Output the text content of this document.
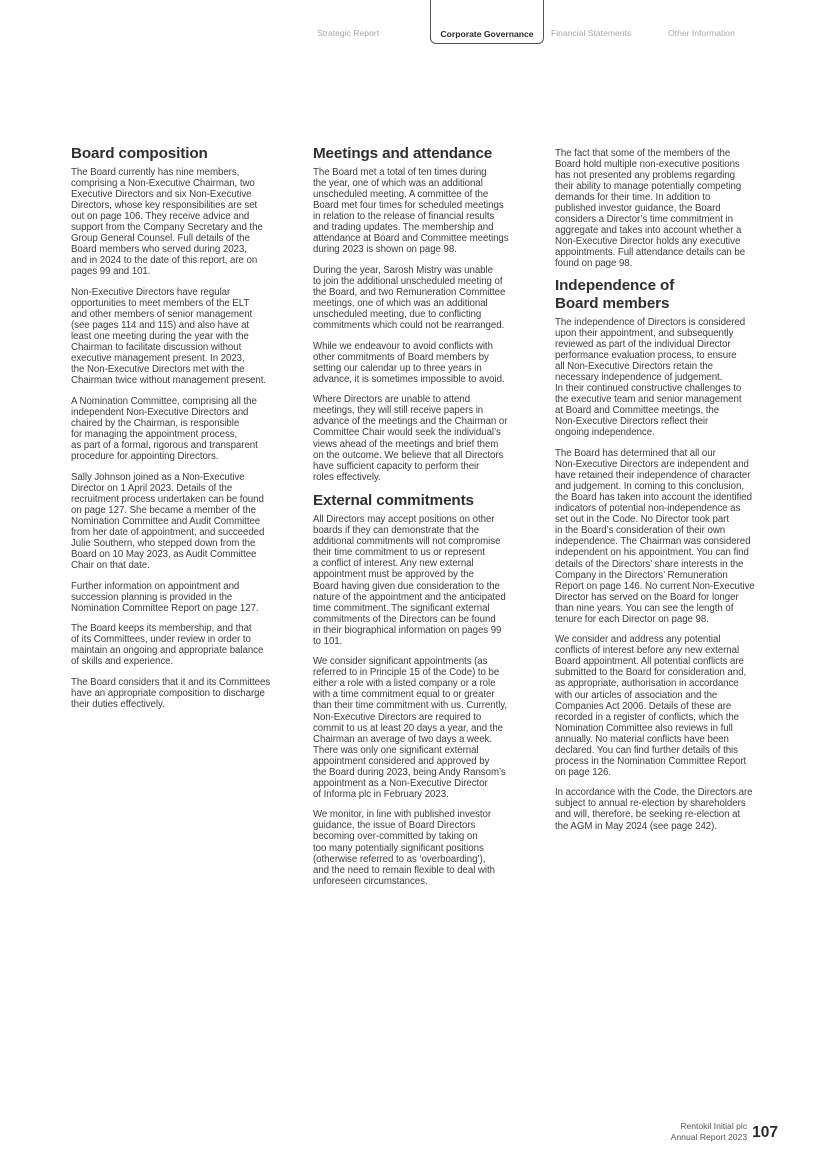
Strategic Report	Corporate Governance	Financial Statements	Other Information
Board composition

The Board currently has nine members,
comprising a Non-Executive Chairman, two
Executive Directors and six Non-Executive
Directors, whose key responsibilities are set
out on page 106. They receive advice and
support from the Company Secretary and the
Group General Counsel. Full details of the
Board members who served during 2023,
and in 2024 to the date of this report, are on
pages 99 and 101.

Non-Executive Directors have regular
opportunities to meet members of the ELT
and other members of senior management
(see pages 114 and 115) and also have at
least one meeting during the year with the
Chairman to facilitate discussion without
executive management present. In 2023,
the Non-Executive Directors met with the
Chairman twice without management present.

A Nomination Committee, comprising all the
independent Non-Executive Directors and
chaired by the Chairman, is responsible
for managing the appointment process,
as part of a formal, rigorous and transparent
procedure for appointing Directors.

Sally Johnson joined as a Non-Executive
Director on 1 April 2023. Details of the
recruitment process undertaken can be found
on page 127. She became a member of the
Nomination Committee and Audit Committee
from her date of appointment, and succeeded
Julie Southern, who stepped down from the
Board on 10 May 2023, as Audit Committee
Chair on that date.

Further information on appointment and
succession planning is provided in the
Nomination Committee Report on page 127.

The Board keeps its membership, and that
of its Committees, under review in order to
maintain an ongoing and appropriate balance
of skills and experience.

The Board considers that it and its Committees
have an appropriate composition to discharge
their duties effectively.

Meetings and attendance

The Board met a total of ten times during
the year, one of which was an additional
unscheduled meeting. A committee of the
Board met four times for scheduled meetings
in relation to the release of financial results
and trading updates. The membership and
attendance at Board and Committee meetings
during 2023 is shown on page 98.

During the year, Sarosh Mistry was unable
to join the additional unscheduled meeting of
the Board, and two Remuneration Committee
meetings, one of which was an additional
unscheduled meeting, due to conflicting
commitments which could not be rearranged.

While we endeavour to avoid conflicts with
other commitments of Board members by
setting our calendar up to three years in
advance, it is sometimes impossible to avoid.

Where Directors are unable to attend
meetings, they will still receive papers in
advance of the meetings and the Chairman or
Committee Chair would seek the individual’s
views ahead of the meetings and brief them
on the outcome. We believe that all Directors
have sufficient capacity to perform their
roles effectively.

External commitments

All Directors may accept positions on other
boards if they can demonstrate that the
additional commitments will not compromise
their time commitment to us or represent
a conflict of interest. Any new external
appointment must be approved by the
Board having given due consideration to the
nature of the appointment and the anticipated
time commitment. The significant external
commitments of the Directors can be found
in their biographical information on pages 99
to 101.

We consider significant appointments (as
referred to in Principle 15 of the Code) to be
either a role with a listed company or a role
with a time commitment equal to or greater
than their time commitment with us. Currently,
Non-Executive Directors are required to
commit to us at least 20 days a year, and the
Chairman an average of two days a week.
There was only one significant external
appointment considered and approved by
the Board during 2023, being Andy Ransom’s
appointment as a Non-Executive Director
of Informa plc in February 2023.

We monitor, in line with published investor
guidance, the issue of Board Directors
becoming over-committed by taking on
too many potentially significant positions
(otherwise referred to as ‘overboarding’),
and the need to remain flexible to deal with
unforeseen circumstances.

The fact that some of the members of the
Board hold multiple non-executive positions
has not presented any problems regarding
their ability to manage potentially competing
demands for their time. In addition to
published investor guidance, the Board
considers a Director’s time commitment in
aggregate and takes into account whether a
Non-Executive Director holds any executive
appointments. Full attendance details can be
found on page 98.

Independence of
Board members

The independence of Directors is considered
upon their appointment, and subsequently
reviewed as part of the individual Director
performance evaluation process, to ensure
all Non-Executive Directors retain the
necessary independence of judgement.
In their continued constructive challenges to
the executive team and senior management
at Board and Committee meetings, the
Non-Executive Directors reflect their
ongoing independence.

The Board has determined that all our
Non-Executive Directors are independent and
have retained their independence of character
and judgement. In coming to this conclusion,
the Board has taken into account the identified
indicators of potential non-independence as
set out in the Code. No Director took part
in the Board’s consideration of their own
independence. The Chairman was considered
independent on his appointment. You can find
details of the Directors’ share interests in the
Company in the Directors’ Remuneration
Report on page 146. No current Non-Executive
Director has served on the Board for longer
than nine years. You can see the length of
tenure for each Director on page 98.

We consider and address any potential
conflicts of interest before any new external
Board appointment. All potential conflicts are
submitted to the Board for consideration and,
as appropriate, authorisation in accordance
with our articles of association and the
Companies Act 2006. Details of these are
recorded in a register of conflicts, which the
Nomination Committee also reviews in full
annually. No material conflicts have been
declared. You can find further details of this
process in the Nomination Committee Report
on page 126.

In accordance with the Code, the Directors are
subject to annual re-election by shareholders
and will, therefore, be seeking re-election at
the AGM in May 2024 (see page 242).

Rentokil Initial plc
Annual Report 2023 107
